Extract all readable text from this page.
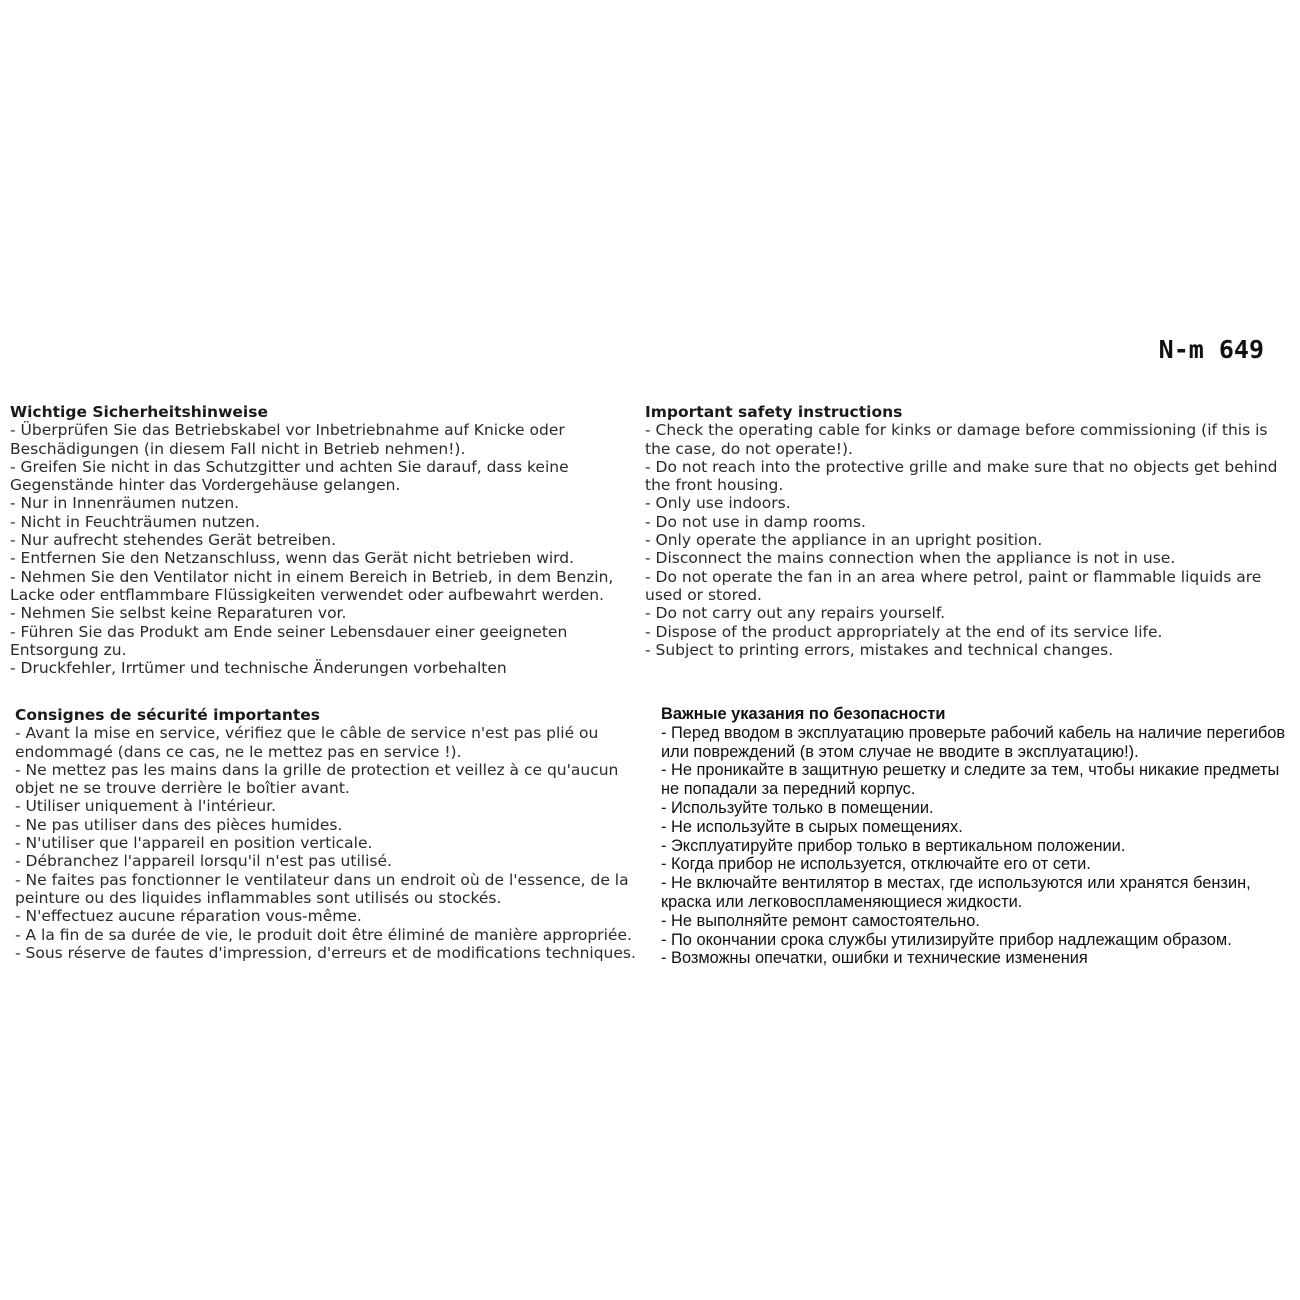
N-m 649
Wichtige Sicherheitshinweise
- Überprüfen Sie das Betriebskabel vor Inbetriebnahme auf Knicke oder Beschädigungen (in diesem Fall nicht in Betrieb nehmen!).
- Greifen Sie nicht in das Schutzgitter und achten Sie darauf, dass keine Gegenstände hinter das Vordergehäuse gelangen.
- Nur in Innenräumen nutzen.
- Nicht in Feuchträumen nutzen.
- Nur aufrecht stehendes Gerät betreiben.
- Entfernen Sie den Netzanschluss, wenn das Gerät nicht betrieben wird.
- Nehmen Sie den Ventilator nicht in einem Bereich in Betrieb, in dem Benzin, Lacke oder entflammbare Flüssigkeiten verwendet oder aufbewahrt werden.
- Nehmen Sie selbst keine Reparaturen vor.
- Führen Sie das Produkt am Ende seiner Lebensdauer einer geeigneten Entsorgung zu.
- Druckfehler, Irrtümer und technische Änderungen vorbehalten
Important safety instructions
- Check the operating cable for kinks or damage before commissioning (if this is the case, do not operate!).
- Do not reach into the protective grille and make sure that no objects get behind the front housing.
- Only use indoors.
- Do not use in damp rooms.
- Only operate the appliance in an upright position.
- Disconnect the mains connection when the appliance is not in use.
- Do not operate the fan in an area where petrol, paint or flammable liquids are used or stored.
- Do not carry out any repairs yourself.
- Dispose of the product appropriately at the end of its service life.
- Subject to printing errors, mistakes and technical changes.
Consignes de sécurité importantes
- Avant la mise en service, vérifiez que le câble de service n'est pas plié ou endommagé (dans ce cas, ne le mettez pas en service !).
- Ne mettez pas les mains dans la grille de protection et veillez à ce qu'aucun objet ne se trouve derrière le boîtier avant.
- Utiliser uniquement à l'intérieur.
- Ne pas utiliser dans des pièces humides.
- N'utiliser que l'appareil en position verticale.
- Débranchez l'appareil lorsqu'il n'est pas utilisé.
- Ne faites pas fonctionner le ventilateur dans un endroit où de l'essence, de la peinture ou des liquides inflammables sont utilisés ou stockés.
- N'effectuez aucune réparation vous-même.
- A la fin de sa durée de vie, le produit doit être éliminé de manière appropriée.
- Sous réserve de fautes d'impression, d'erreurs et de modifications techniques.
Важные указания по безопасности
- Перед вводом в эксплуатацию проверьте рабочий кабель на наличие перегибов или повреждений (в этом случае не вводите в эксплуатацию!).
- Не проникайте в защитную решетку и следите за тем, чтобы никакие предметы не попадали за передний корпус.
- Используйте только в помещении.
- Не используйте в сырых помещениях.
- Эксплуатируйте прибор только в вертикальном положении.
- Когда прибор не используется, отключайте его от сети.
- Не включайте вентилятор в местах, где используются или хранятся бензин, краска или легковоспламеняющиеся жидкости.
- Не выполняйте ремонт самостоятельно.
- По окончании срока службы утилизируйте прибор надлежащим образом.
- Возможны опечатки, ошибки и технические изменения
